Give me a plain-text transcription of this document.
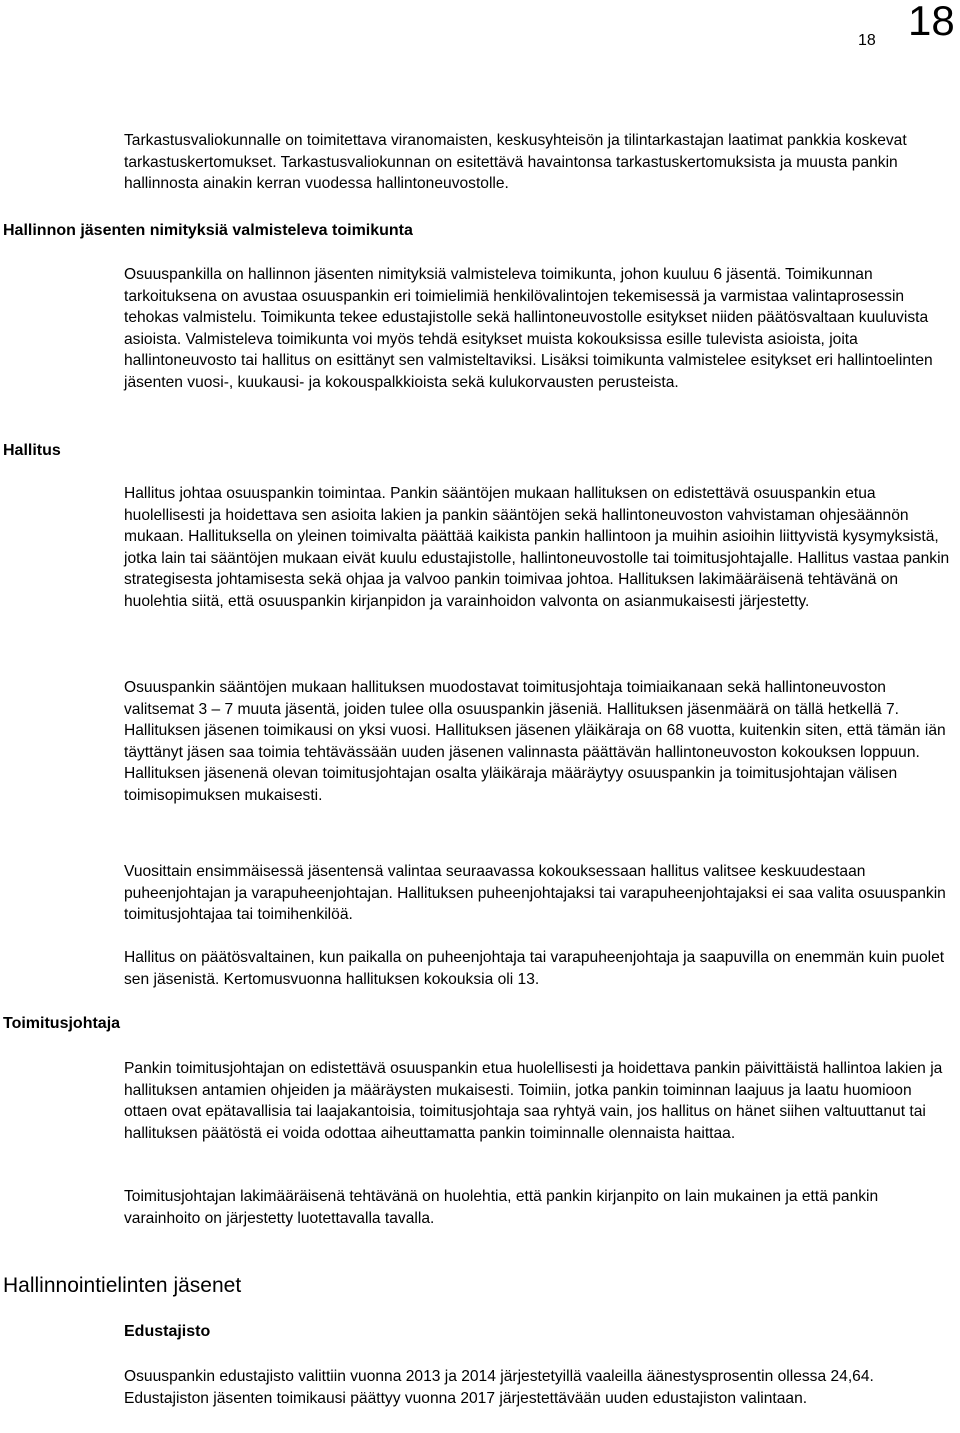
18 18

Tarkastusvaliokunnalle on toimitettava viranomaisten, keskusyhteisön ja tilintarkastajan laatimat pankkia koskevat tarkastuskertomukset. Tarkastusvaliokunnan on esitettävä havaintonsa tarkastuskertomuksista ja muusta pankin hallinnosta ainakin kerran vuodessa hallintoneuvostolle.

Hallinnon jäsenten nimityksiä valmisteleva toimikunta

Osuuspankilla on hallinnon jäsenten nimityksiä valmisteleva toimikunta, johon kuuluu 6 jäsentä. Toimikunnan tarkoituksena on avustaa osuuspankin eri toimielimiä henkilövalintojen tekemisessä ja varmistaa valintaprosessin tehokas valmistelu. Toimikunta tekee edustajistolle sekä hallintoneuvostolle esitykset niiden päätösvaltaan kuuluvista asioista. Valmisteleva toimikunta voi myös tehdä esitykset muista kokouksissa esille tulevista asioista, joita hallintoneuvosto tai hallitus on esittänyt sen valmisteltaviksi. Lisäksi toimikunta valmistelee esitykset eri hallintoelinten jäsenten vuosi-, kuukausi- ja kokouspalkkioista sekä kulukorvausten perusteista.

Hallitus

Hallitus johtaa osuuspankin toimintaa. Pankin sääntöjen mukaan hallituksen on edistettävä osuuspankin etua huolellisesti ja hoidettava sen asioita lakien ja pankin sääntöjen sekä hallintoneuvoston vahvistaman ohjesäännön mukaan. Hallituksella on yleinen toimivalta päättää kaikista pankin hallintoon ja muihin asioihin liittyvistä kysymyksistä, jotka lain tai sääntöjen mukaan eivät kuulu edustajistolle, hallintoneuvostolle tai toimitusjohtajalle. Hallitus vastaa pankin strategisesta johtamisesta sekä ohjaa ja valvoo pankin toimivaa johtoa. Hallituksen lakimääräisenä tehtävänä on huolehtia siitä, että osuuspankin kirjanpidon ja varainhoidon valvonta on asianmukaisesti järjestetty.

Osuuspankin sääntöjen mukaan hallituksen muodostavat toimitusjohtaja toimiaikanaan sekä hallintoneuvoston valitsemat 3 – 7 muuta jäsentä, joiden tulee olla osuuspankin jäseniä. Hallituksen jäsenmäärä on tällä hetkellä 7. Hallituksen jäsenen toimikausi on yksi vuosi. Hallituksen jäsenen yläikäraja on 68 vuotta, kuitenkin siten, että tämän iän täyttänyt jäsen saa toimia tehtävässään uuden jäsenen valinnasta päättävän hallintoneuvoston kokouksen loppuun. Hallituksen jäsenenä olevan toimitusjohtajan osalta yläikäraja määräytyy osuuspankin ja toimitusjohtajan välisen toimisopimuksen mukaisesti.

Vuosittain ensimmäisessä jäsentensä valintaa seuraavassa kokouksessaan hallitus valitsee keskuudestaan puheenjohtajan ja varapuheenjohtajan. Hallituksen puheenjohtajaksi tai varapuheenjohtajaksi ei saa valita osuuspankin toimitusjohtajaa tai toimihenkilöä.

Hallitus on päätösvaltainen, kun paikalla on puheenjohtaja tai varapuheenjohtaja ja saapuvilla on enemmän kuin puolet sen jäsenistä. Kertomusvuonna hallituksen kokouksia oli 13.

Toimitusjohtaja

Pankin toimitusjohtajan on edistettävä osuuspankin etua huolellisesti ja hoidettava pankin päivittäistä hallintoa lakien ja hallituksen antamien ohjeiden ja määräysten mukaisesti. Toimiin, jotka pankin toiminnan laajuus ja laatu huomioon ottaen ovat epätavallisia tai laajakantoisia, toimitusjohtaja saa ryhtyä vain, jos hallitus on hänet siihen valtuuttanut tai hallituksen päätöstä ei voida odottaa aiheuttamatta pankin toiminnalle olennaista haittaa.

Toimitusjohtajan lakimääräisenä tehtävänä on huolehtia, että pankin kirjanpito on lain mukainen ja että pankin varainhoito on järjestetty luotettavalla tavalla.

Hallinnointielinten jäsenet

Edustajisto

Osuuspankin edustajisto valittiin vuonna 2013 ja 2014 järjestetyillä vaaleilla äänestysprosentin ollessa 24,64. Edustajiston jäsenten toimikausi päättyy vuonna 2017 järjestettävään uuden edustajiston valintaan.
